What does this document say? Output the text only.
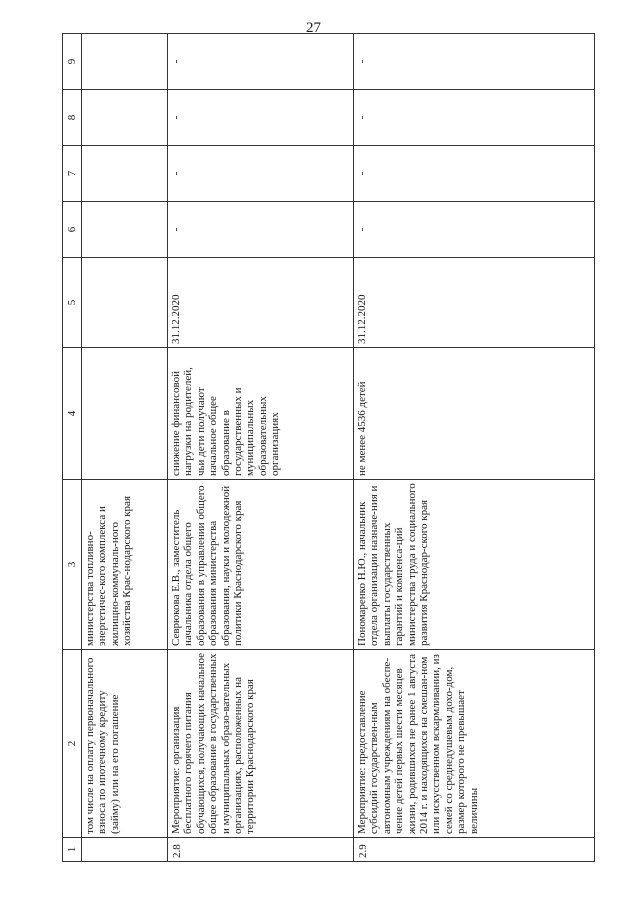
27
1	2	3	4	5	6	7	8	9
	том числе на оплату первоначального взноса по ипотечному кредиту (займу) или на его погашение	министерства топливно-энергетичес-кого комплекса и жилищно-коммуналь-ного хозяйства Крас-нодарского края						
2.8	Мероприятие: организация бесплатного горячего питания обучающихся, получающих начальное общее образование в государственных и муниципальных образо-вательных организациях, расположенных на территории Краснодарского края	Севрюкова Е.В., заместитель начальника отдела общего образования в управлении общего образования министерства образования, науки и молодежной политики Краснодарского края	снижение финансовой нагрузки на родителей, чьи дети получают начальное общее образование в государственных и муниципальных образовательных организациях	31.12.2020	-	-	-	-
2.9	Мероприятие: предоставление субсидий государствен-ным автономным учреждениям на обеспе-чение детей первых шести месяцев жизни, родившихся не ранее 1 августа 2014 г. и находящихся на смешан-ном или искусственном вскармливании, из семей со среднедушевым дохо-дом, размер которого не превышает величины	Пономаренко Н.Ю., начальник отдела организации назначе-ния и выплаты государственных гарантий и компенса-ций министерства труда и социального развития Краснодар-ского края	не менее 4536 детей	31.12.2020	-	-	-	-
